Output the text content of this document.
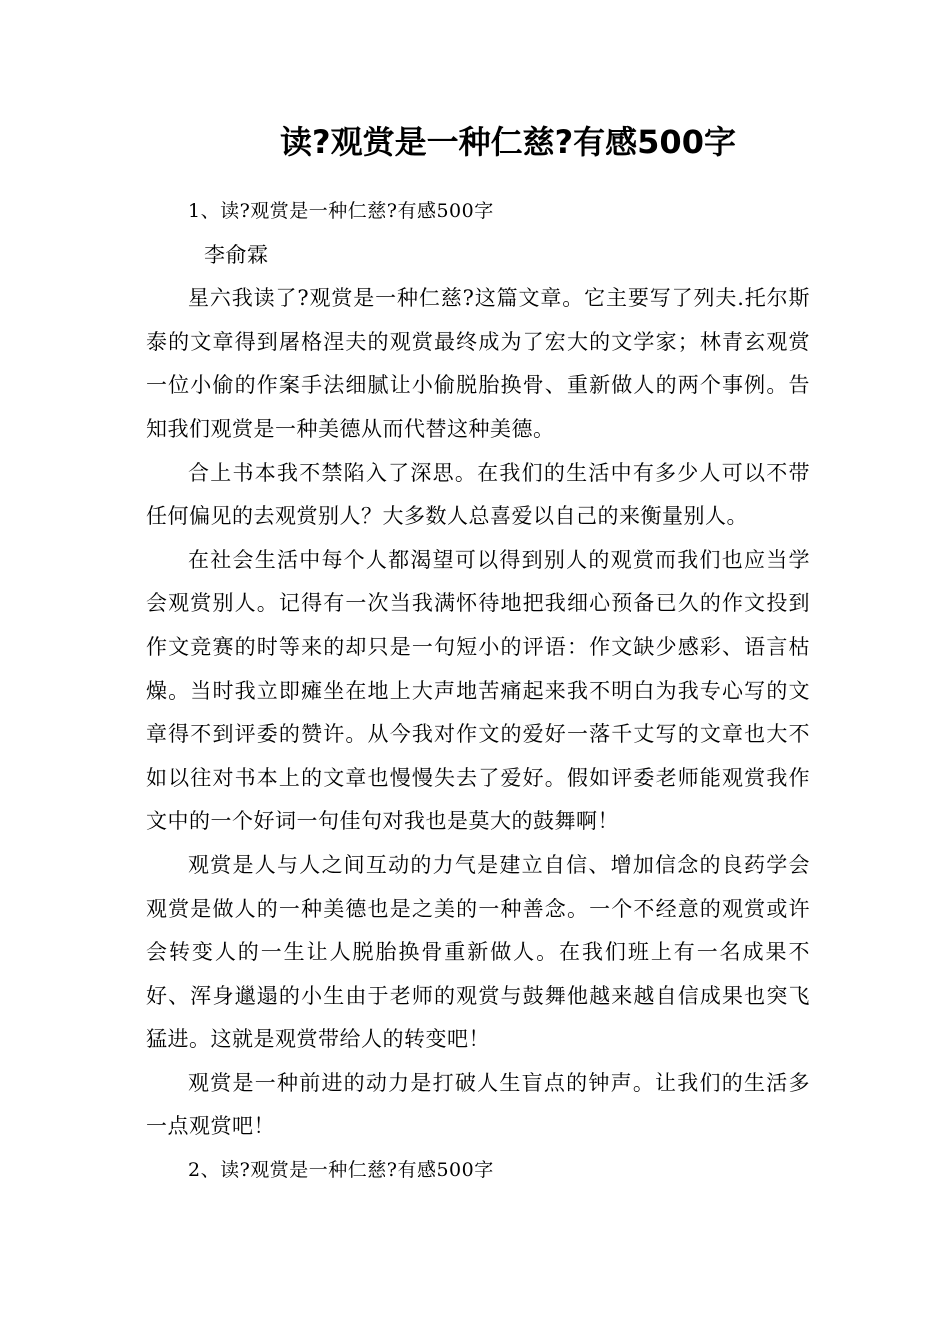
读?观赏是一种仁慈?有感500字

1、读?观赏是一种仁慈?有感500字

李俞霖

星六我读了?观赏是一种仁慈?这篇文章。它主要写了列夫.托尔斯泰的文章得到屠格涅夫的观赏最终成为了宏大的文学家；林青玄观赏一位小偷的作案手法细腻让小偷脱胎换骨、重新做人的两个事例。告知我们观赏是一种美德从而代替这种美德。

合上书本我不禁陷入了深思。在我们的生活中有多少人可以不带任何偏见的去观赏别人？大多数人总喜爱以自己的来衡量别人。

在社会生活中每个人都渴望可以得到别人的观赏而我们也应当学会观赏别人。记得有一次当我满怀待地把我细心预备已久的作文投到作文竞赛的时等来的却只是一句短小的评语：作文缺少感彩、语言枯燥。当时我立即瘫坐在地上大声地苦痛起来我不明白为我专心写的文章得不到评委的赞许。从今我对作文的爱好一落千丈写的文章也大不如以往对书本上的文章也慢慢失去了爱好。假如评委老师能观赏我作文中的一个好词一句佳句对我也是莫大的鼓舞啊！

观赏是人与人之间互动的力气是建立自信、增加信念的良药学会观赏是做人的一种美德也是之美的一种善念。一个不经意的观赏或许会转变人的一生让人脱胎换骨重新做人。在我们班上有一名成果不好、浑身邋遢的小生由于老师的观赏与鼓舞他越来越自信成果也突飞猛进。这就是观赏带给人的转变吧！

观赏是一种前进的动力是打破人生盲点的钟声。让我们的生活多一点观赏吧！

2、读?观赏是一种仁慈?有感500字
